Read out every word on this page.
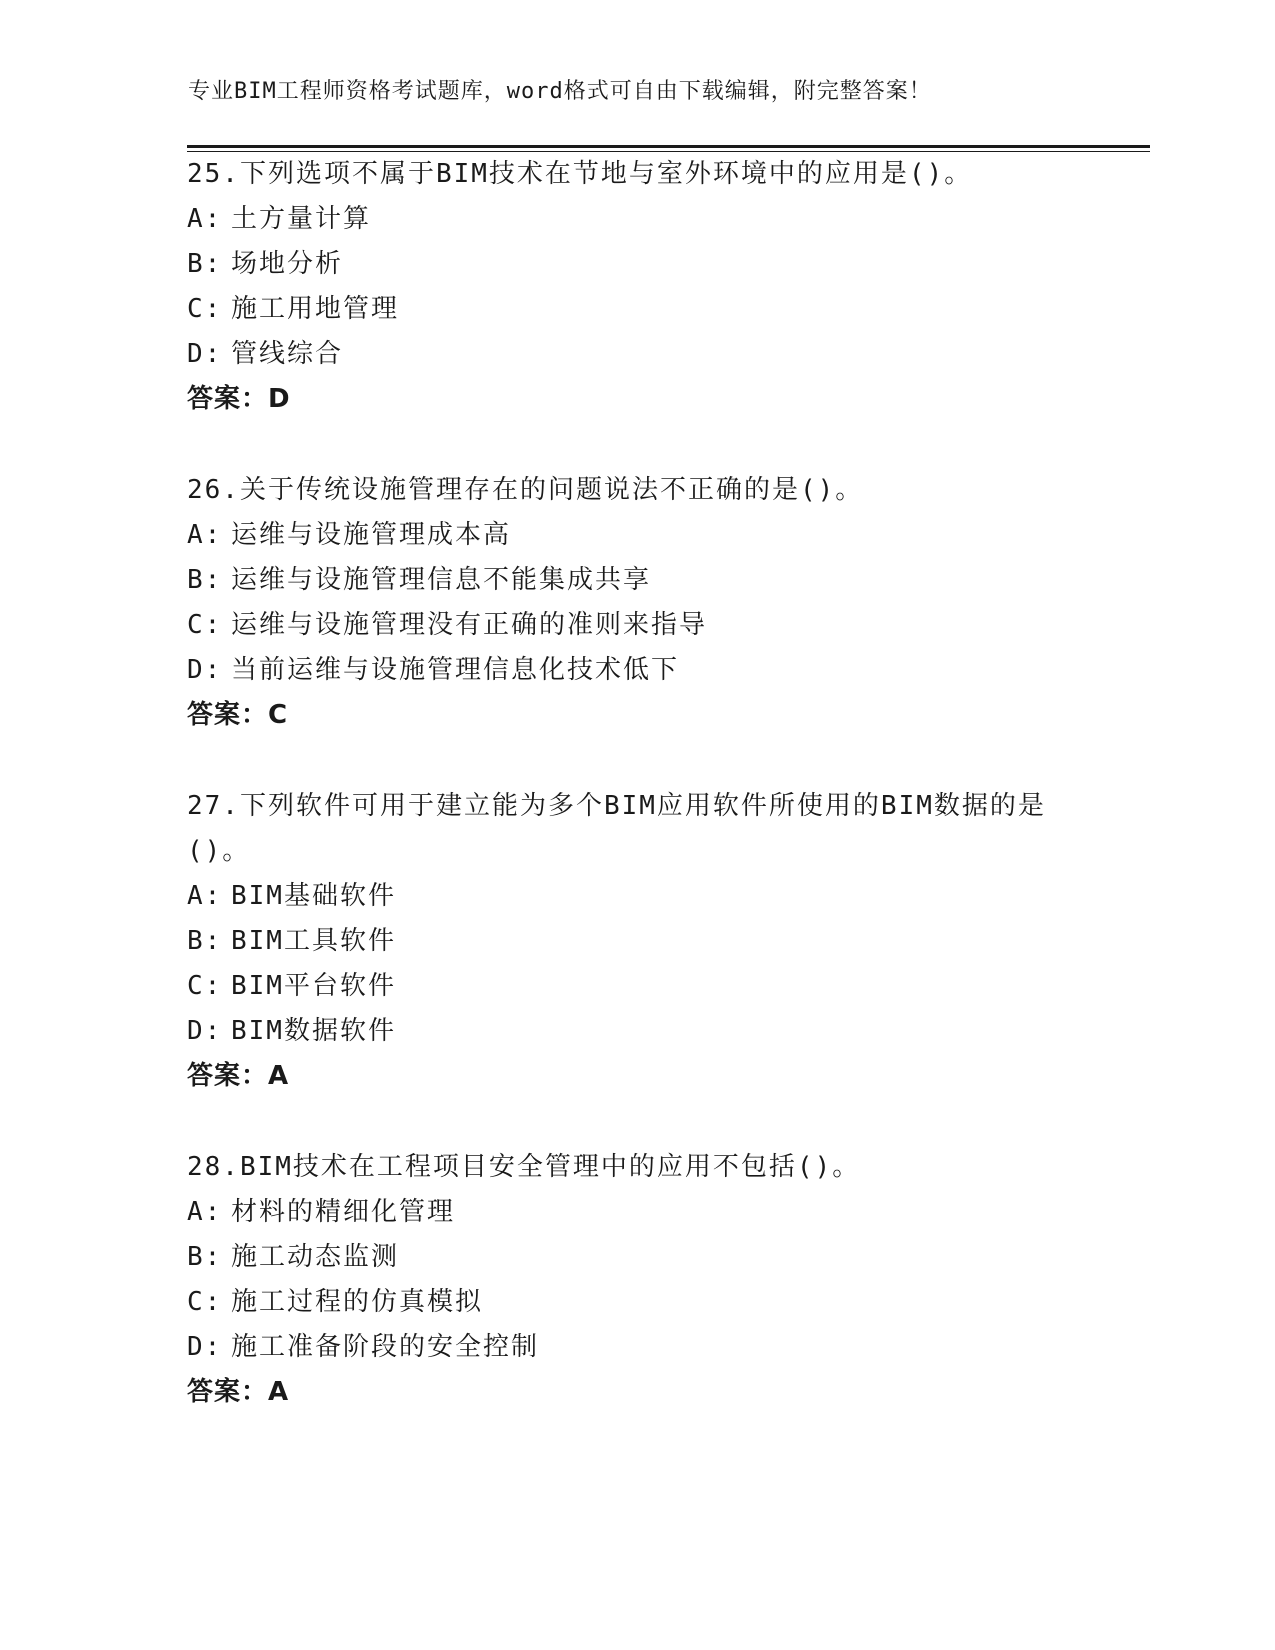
专业BIM工程师资格考试题库，word格式可自由下载编辑，附完整答案！

25.下列选项不属于BIM技术在节地与室外环境中的应用是()。

A: 土方量计算
B: 场地分析
C: 施工用地管理
D: 管线综合
答案：D

26.关于传统设施管理存在的问题说法不正确的是()。

A: 运维与设施管理成本高
B: 运维与设施管理信息不能集成共享
C: 运维与设施管理没有正确的准则来指导
D: 当前运维与设施管理信息化技术低下
答案：C

27.下列软件可用于建立能为多个BIM应用软件所使用的BIM数据的是()。

A: BIM基础软件
B: BIM工具软件
C: BIM平台软件
D: BIM数据软件
答案：A

28.BIM技术在工程项目安全管理中的应用不包括()。

A: 材料的精细化管理
B: 施工动态监测
C: 施工过程的仿真模拟
D: 施工准备阶段的安全控制
答案：A
